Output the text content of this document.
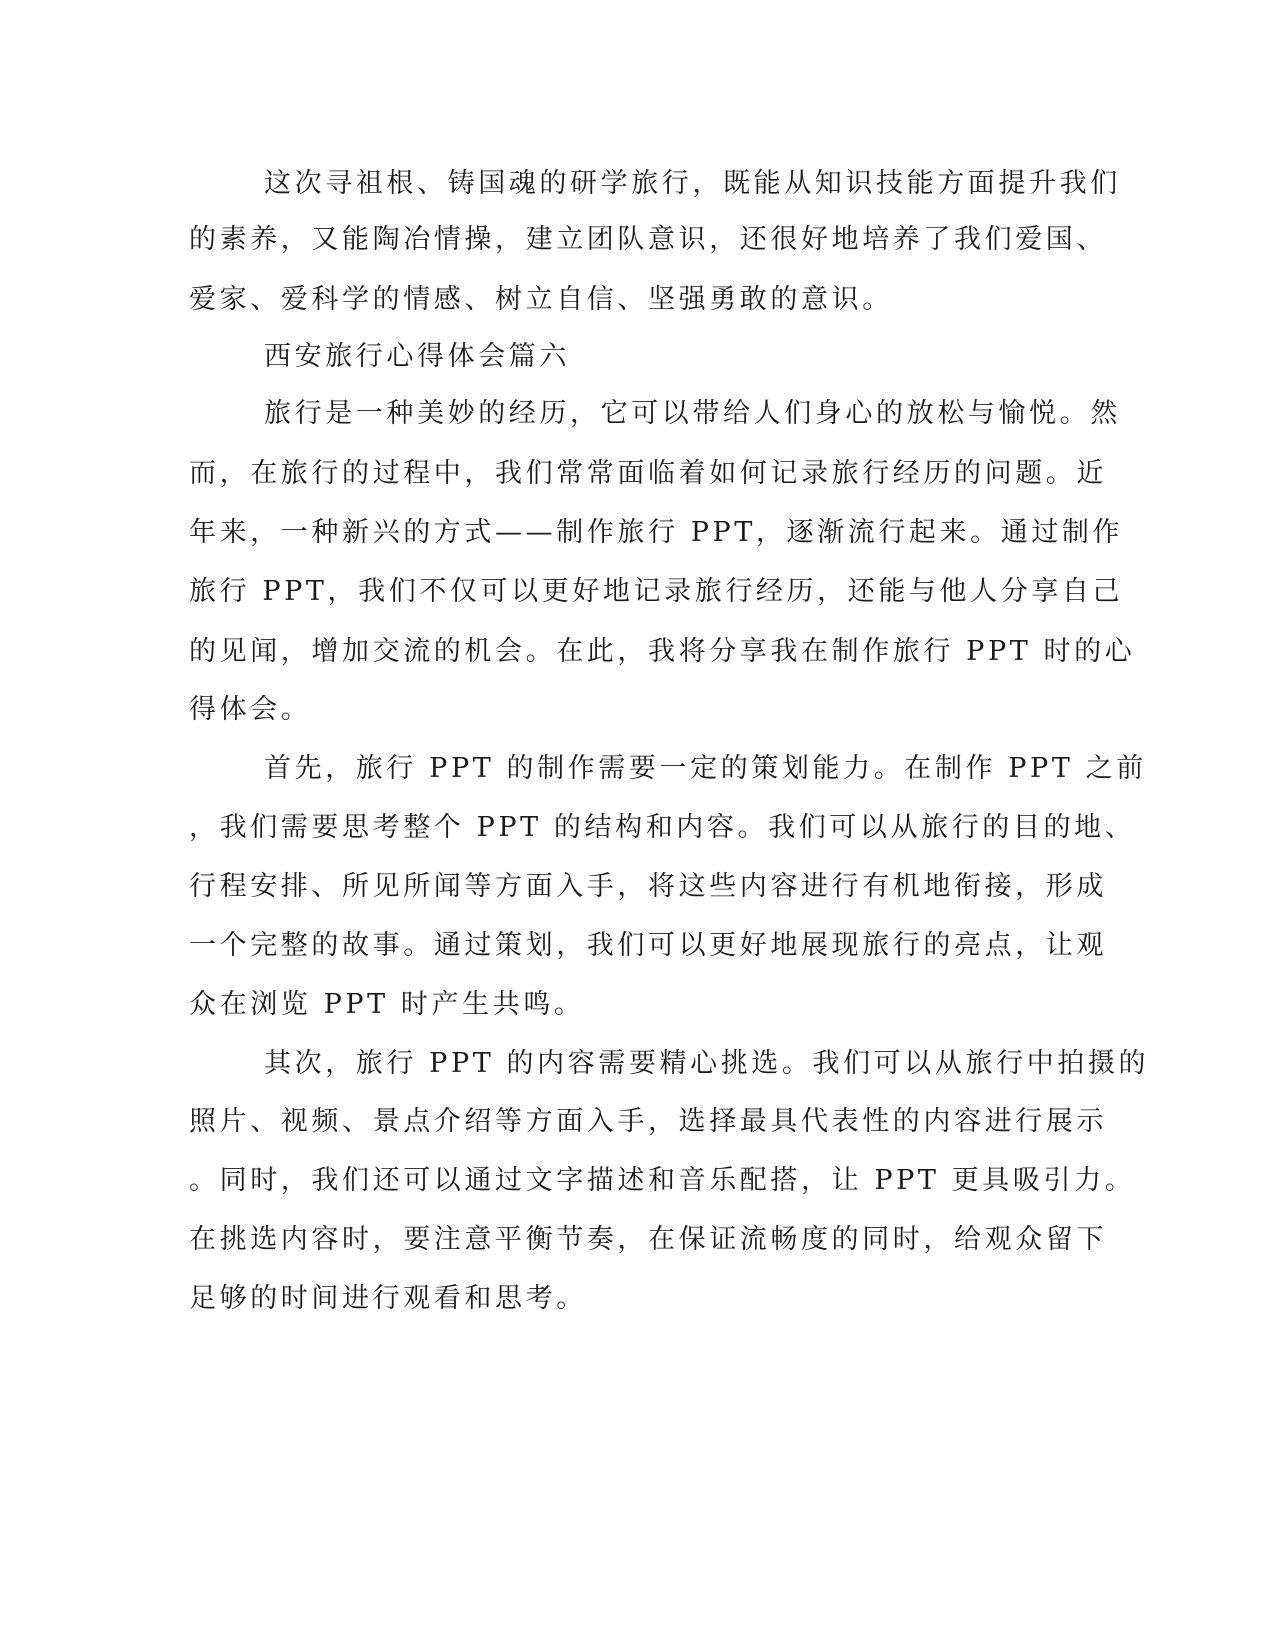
这次寻祖根、铸国魂的研学旅行，既能从知识技能方面提升我们
的素养，又能陶冶情操，建立团队意识，还很好地培养了我们爱国、
爱家、爱科学的情感、树立自信、坚强勇敢的意识。
西安旅行心得体会篇六
旅行是一种美妙的经历，它可以带给人们身心的放松与愉悦。然
而，在旅行的过程中，我们常常面临着如何记录旅行经历的问题。近
年来，一种新兴的方式——制作旅行 PPT，逐渐流行起来。通过制作
旅行 PPT，我们不仅可以更好地记录旅行经历，还能与他人分享自己
的见闻，增加交流的机会。在此，我将分享我在制作旅行 PPT 时的心
得体会。
首先，旅行 PPT 的制作需要一定的策划能力。在制作 PPT 之前
，我们需要思考整个 PPT 的结构和内容。我们可以从旅行的目的地、
行程安排、所见所闻等方面入手，将这些内容进行有机地衔接，形成
一个完整的故事。通过策划，我们可以更好地展现旅行的亮点，让观
众在浏览 PPT 时产生共鸣。
其次，旅行 PPT 的内容需要精心挑选。我们可以从旅行中拍摄的
照片、视频、景点介绍等方面入手，选择最具代表性的内容进行展示
。同时，我们还可以通过文字描述和音乐配搭，让 PPT 更具吸引力。
在挑选内容时，要注意平衡节奏，在保证流畅度的同时，给观众留下
足够的时间进行观看和思考。
